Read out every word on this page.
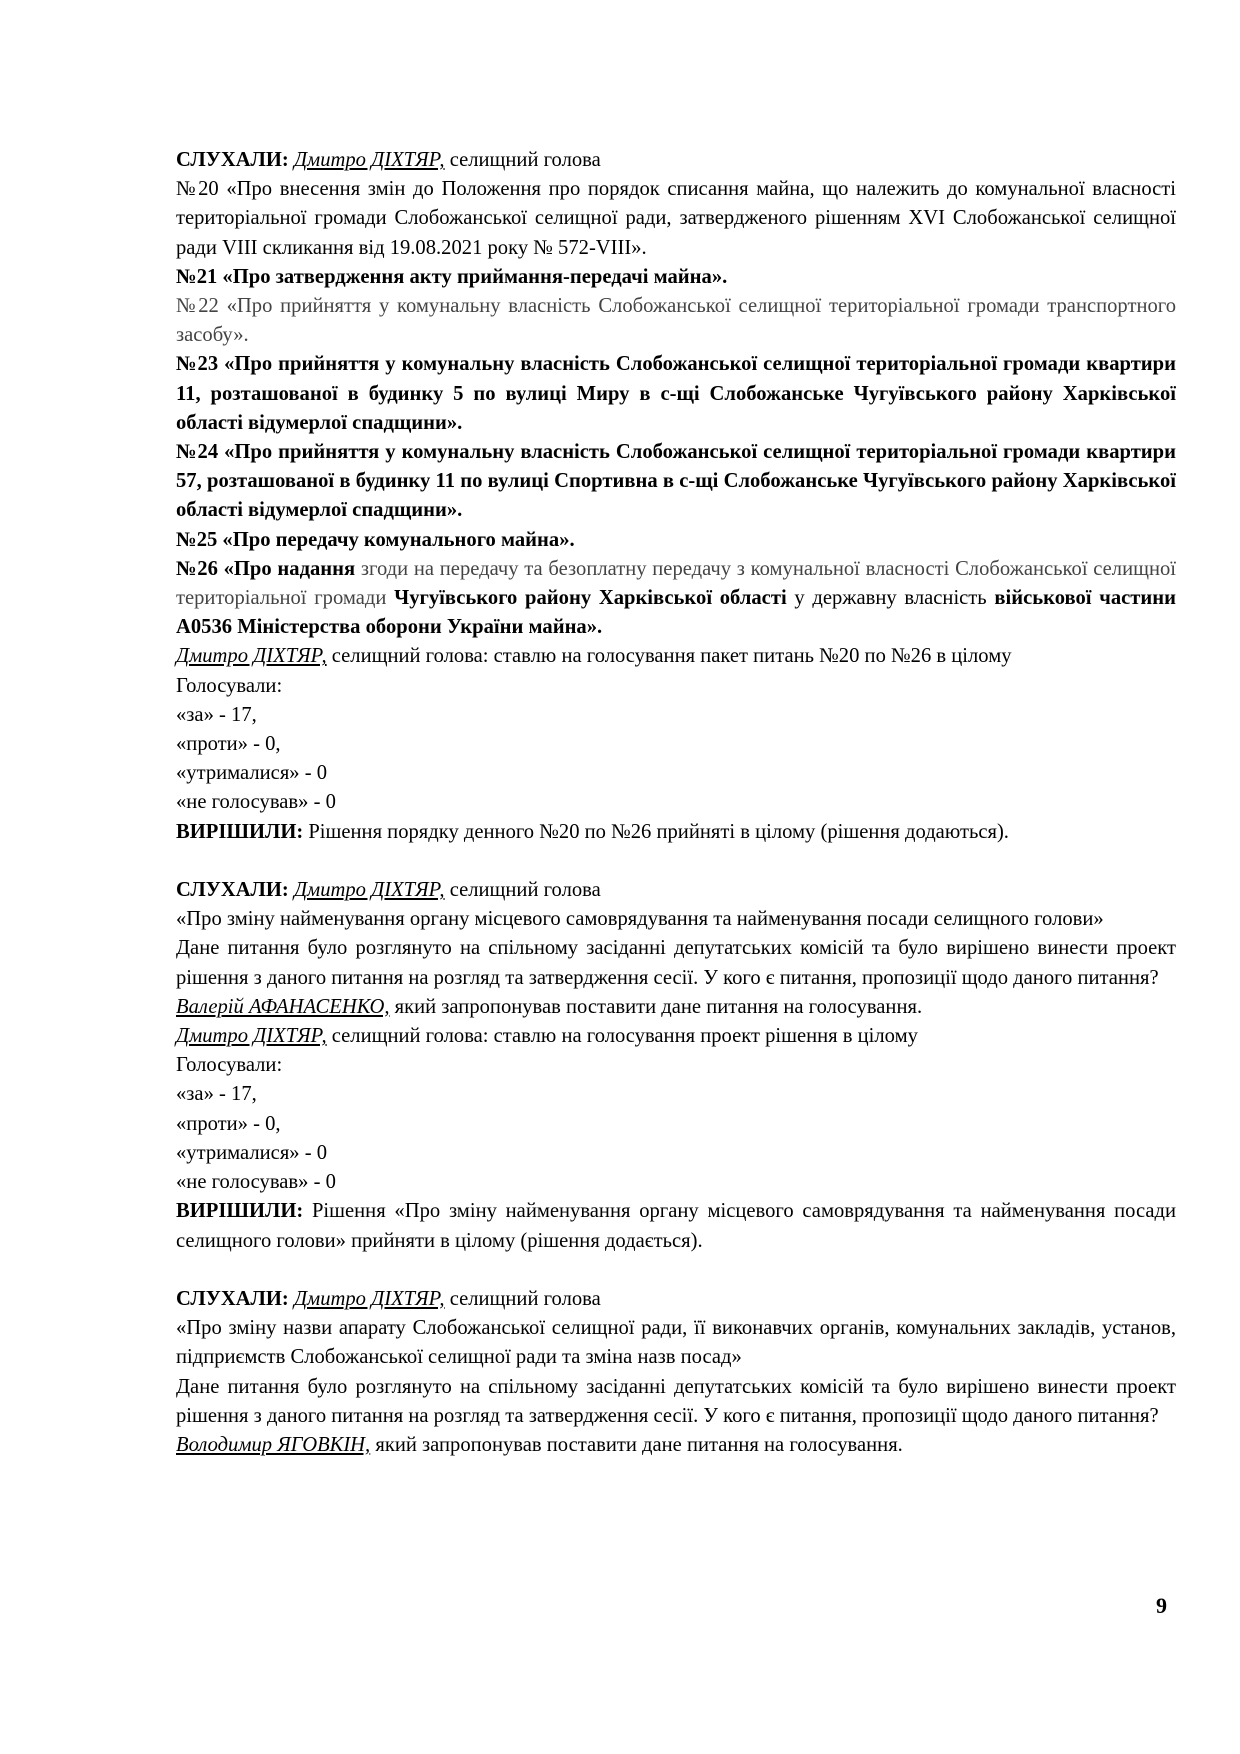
СЛУХАЛИ: Дмитро ДІХТЯР, селищний голова

№20 «Про внесення змін до Положення про порядок списання майна, що належить до комунальної власності територіальної громади Слобожанської селищної ради, затвердженого рішенням XVI Слобожанської селищної ради VIII скликання від 19.08.2021 року № 572-VIII».

№21 «Про затвердження акту приймання-передачі майна».

№22 «Про прийняття у комунальну власність Слобожанської селищної територіальної громади транспортного засобу».

№23 «Про прийняття у комунальну власність Слобожанської селищної територіальної громади квартири 11, розташованої в будинку 5 по вулиці Миру в с-щі Слобожанське Чугуївського району Харківської області відумерлої спадщини».

№24 «Про прийняття у комунальну власність Слобожанської селищної територіальної громади квартири 57, розташованої в будинку 11 по вулиці Спортивна в с-щі Слобожанське Чугуївського району Харківської області відумерлої спадщини».

№25 «Про передачу комунального майна».

№26 «Про надання згоди на передачу та безоплатну передачу з комунальної власності Слобожанської селищної територіальної громади Чугуївського району Харківської області у державну власність військової частини А0536 Міністерства оборони України майна».

Дмитро ДІХТЯР, селищний голова: ставлю на голосування пакет питань №20 по №26 в цілому

Голосували:

«за» - 17,

«проти» - 0,

«утрималися» - 0

«не голосував» - 0

ВИРІШИЛИ: Рішення порядку денного №20 по №26 прийняті в цілому (рішення додаються).

СЛУХАЛИ: Дмитро ДІХТЯР, селищний голова

«Про зміну найменування органу місцевого самоврядування та найменування посади селищного голови»

Дане питання було розглянуто на спільному засіданні депутатських комісій та було вирішено винести проект рішення з даного питання на розгляд та затвердження сесії. У кого є питання, пропозиції щодо даного питання?

Валерій АФАНАСЕНКО, який запропонував поставити дане питання на голосування.

Дмитро ДІХТЯР, селищний голова: ставлю на голосування проект рішення в цілому

Голосували:

«за» - 17,

«проти» - 0,

«утрималися» - 0

«не голосував» - 0

ВИРІШИЛИ: Рішення «Про зміну найменування органу місцевого самоврядування та найменування посади селищного голови» прийняти в цілому (рішення додається).

СЛУХАЛИ: Дмитро ДІХТЯР, селищний голова

«Про зміну назви апарату Слобожанської селищної ради, її виконавчих органів, комунальних закладів, установ, підприємств Слобожанської селищної ради та зміна назв посад»

Дане питання було розглянуто на спільному засіданні депутатських комісій та було вирішено винести проект рішення з даного питання на розгляд та затвердження сесії. У кого є питання, пропозиції щодо даного питання?

Володимир ЯГОВКІН, який запропонував поставити дане питання на голосування.

9
